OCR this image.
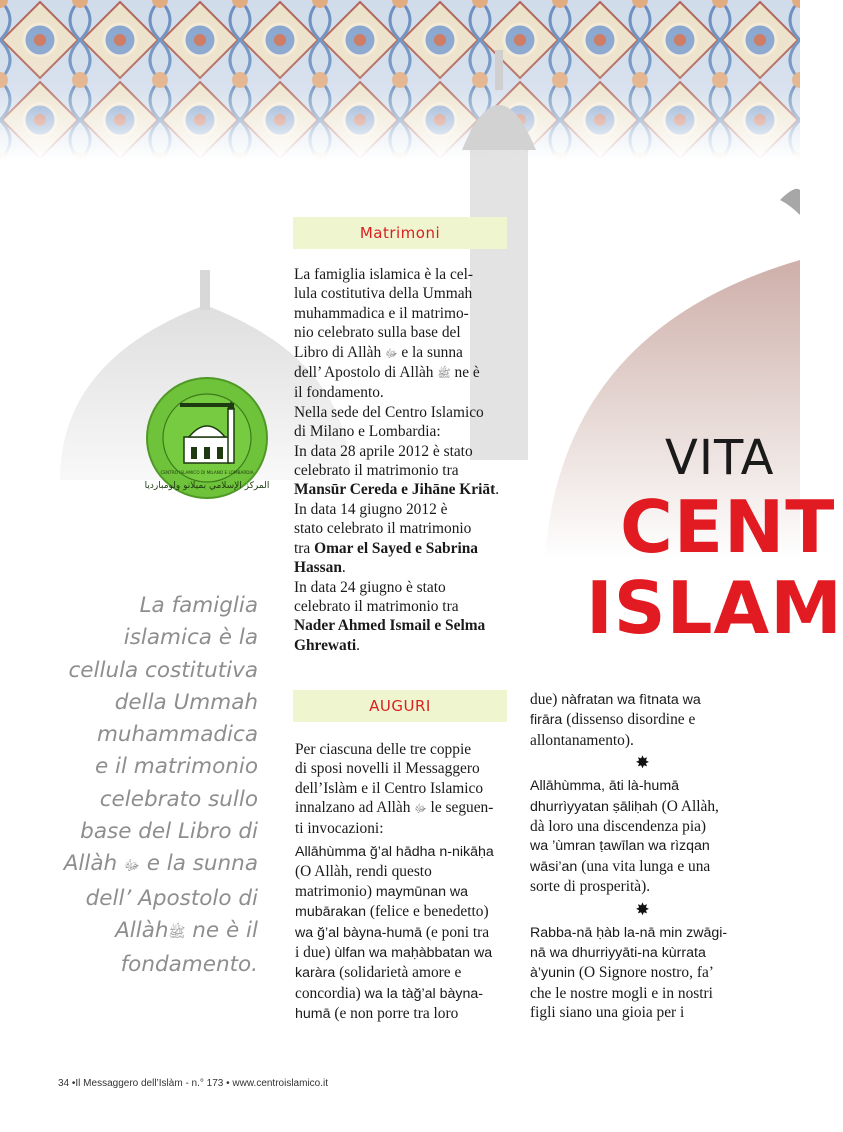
CENTRO ISLAMICO DI MILANO E LOMBARDIA
المركز الإسلامي بميلانو ولومبارديا
Matrimoni

La famiglia islamica è la cel-

lula costitutiva della Ummah

muhammadica e il matrimo-

nio celebrato sulla base del

Libro di Allàh ﷻ e la sunna

dell’ Apostolo di Allàh ﷺ ne è

il fondamento.

Nella sede del Centro Islamico

di Milano e Lombardia:

In data 28 aprile 2012 è stato

celebrato il matrimonio tra

Mansūr Cereda e Jihāne Kriāt.

In data 14 giugno 2012 è

stato celebrato il matrimonio

tra Omar el Sayed e Sabrina

Hassan.

In data 24 giugno è stato

celebrato il matrimonio tra

Nader Ahmed Ismail e Selma

Ghrewati.

AUGURI

Per ciascuna delle tre coppie

di sposi novelli il Messaggero

dell’Islàm e il Centro Islamico

innalzano ad Allàh ﷻ le seguen-

ti invocazioni:

Allāhùmma ğ’al hādha n-nikāḥa

(O Allàh, rendi questo

matrimonio) maymūnan wa

mubārakan (felice e benedetto)

wa ğ’al bàyna-humā (e poni tra

i due) ùlfan wa maḥàbbatan wa

karàra (solidarietà amore e

concordia) wa la tàğ’al bàyna-

humā (e non porre tra loro

due) nàfratan wa fìtnata wa

firāra (dissenso disordine e

allontanamento).

✸

Allāhùmma, āti là-humā

dhurrìyyatan ṣāliḥah (O Allàh,

dà loro una discendenza pia)

wa ’ùmran ṭawīlan wa rìzqan

wāsi’an (una vita lunga e una

sorte di prosperità).

✸

Rabba-nā ḥàb la-nā min zwāgi-

nā wa dhurriyyāti-na kùrrata

à’yunin (O Signore nostro, fa’

che le nostre mogli e in nostri

figli siano una gioia per i

La famiglia

islamica è la

cellula costitutiva

della Ummah

muhammadica

e il matrimonio

celebrato sullo

base del Libro di

Allàh ﷻ e la sunna

dell’ Apostolo di

Allàhﷺ ne è il

fondamento.

VITA
CENT
ISLAM
34 •Il Messaggero dell’Islàm - n.° 173 • www.centroislamico.it
